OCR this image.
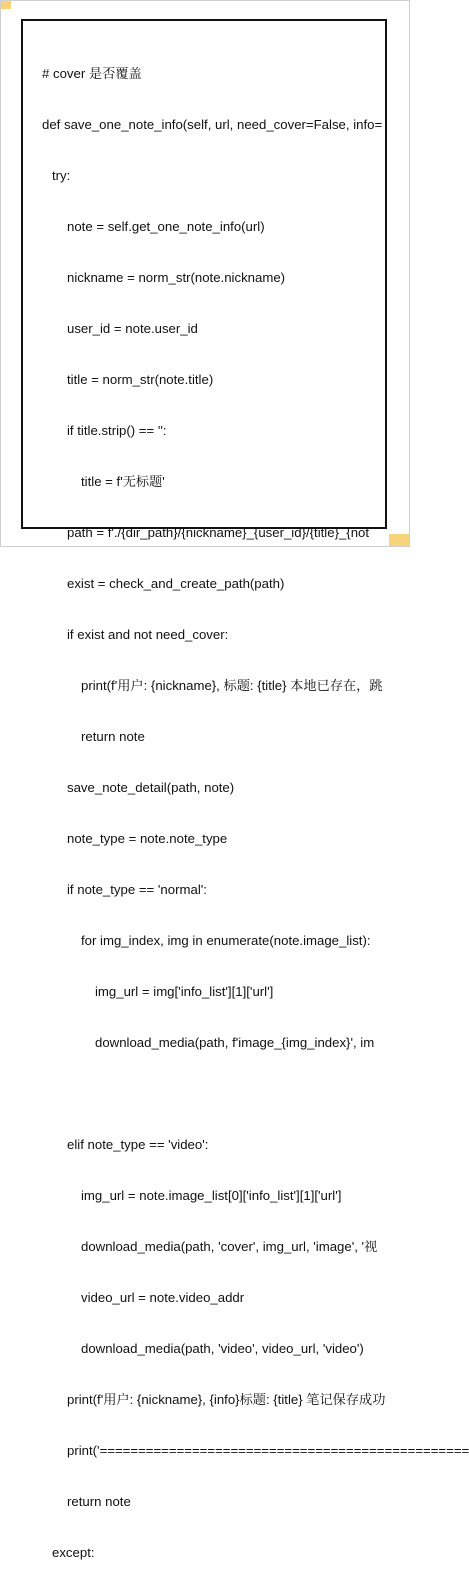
# cover 是否覆盖

def save_one_note_info(self, url, need_cover=False, info=

try:

note = self.get_one_note_info(url)

nickname = norm_str(note.nickname)

user_id = note.user_id

title = norm_str(note.title)

if title.strip() == '':

title = f'无标题'

path = f'./{dir_path}/{nickname}_{user_id}/{title}_{not

exist = check_and_create_path(path)

if exist and not need_cover:

print(f'用户: {nickname}, 标题: {title} 本地已存在，跳

return note

save_note_detail(path, note)

note_type = note.note_type

if note_type == 'normal':

for img_index, img in enumerate(note.image_list):

img_url = img['info_list'][1]['url']

download_media(path, f'image_{img_index}', im

elif note_type == 'video':

img_url = note.image_list[0]['info_list'][1]['url']

download_media(path, 'cover', img_url, 'image', '视

video_url = note.video_addr

download_media(path, 'video', video_url, 'video')

print(f'用户: {nickname}, {info}标题: {title} 笔记保存成功

print('================================================

return note

except:
